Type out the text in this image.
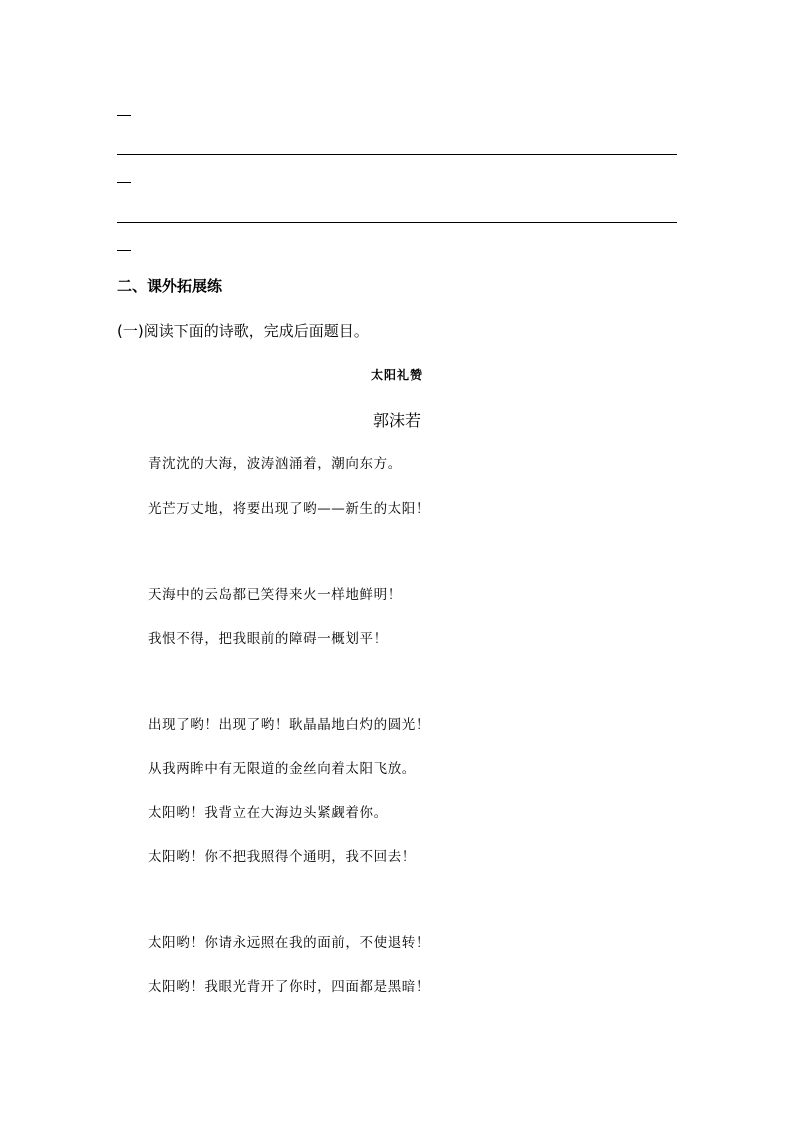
二、课外拓展练
(一)阅读下面的诗歌，完成后面题目。
太阳礼赞
郭沫若
青沈沈的大海，波涛汹涌着，潮向东方。
光芒万丈地，将要出现了哟——新生的太阳！
天海中的云岛都已笑得来火一样地鲜明！
我恨不得，把我眼前的障碍一概划平！
出现了哟！出现了哟！耿晶晶地白灼的圆光！
从我两眸中有无限道的金丝向着太阳飞放。
太阳哟！我背立在大海边头紧觑着你。
太阳哟！你不把我照得个通明，我不回去！
太阳哟！你请永远照在我的面前，不使退转！
太阳哟！我眼光背开了你时，四面都是黑暗！
